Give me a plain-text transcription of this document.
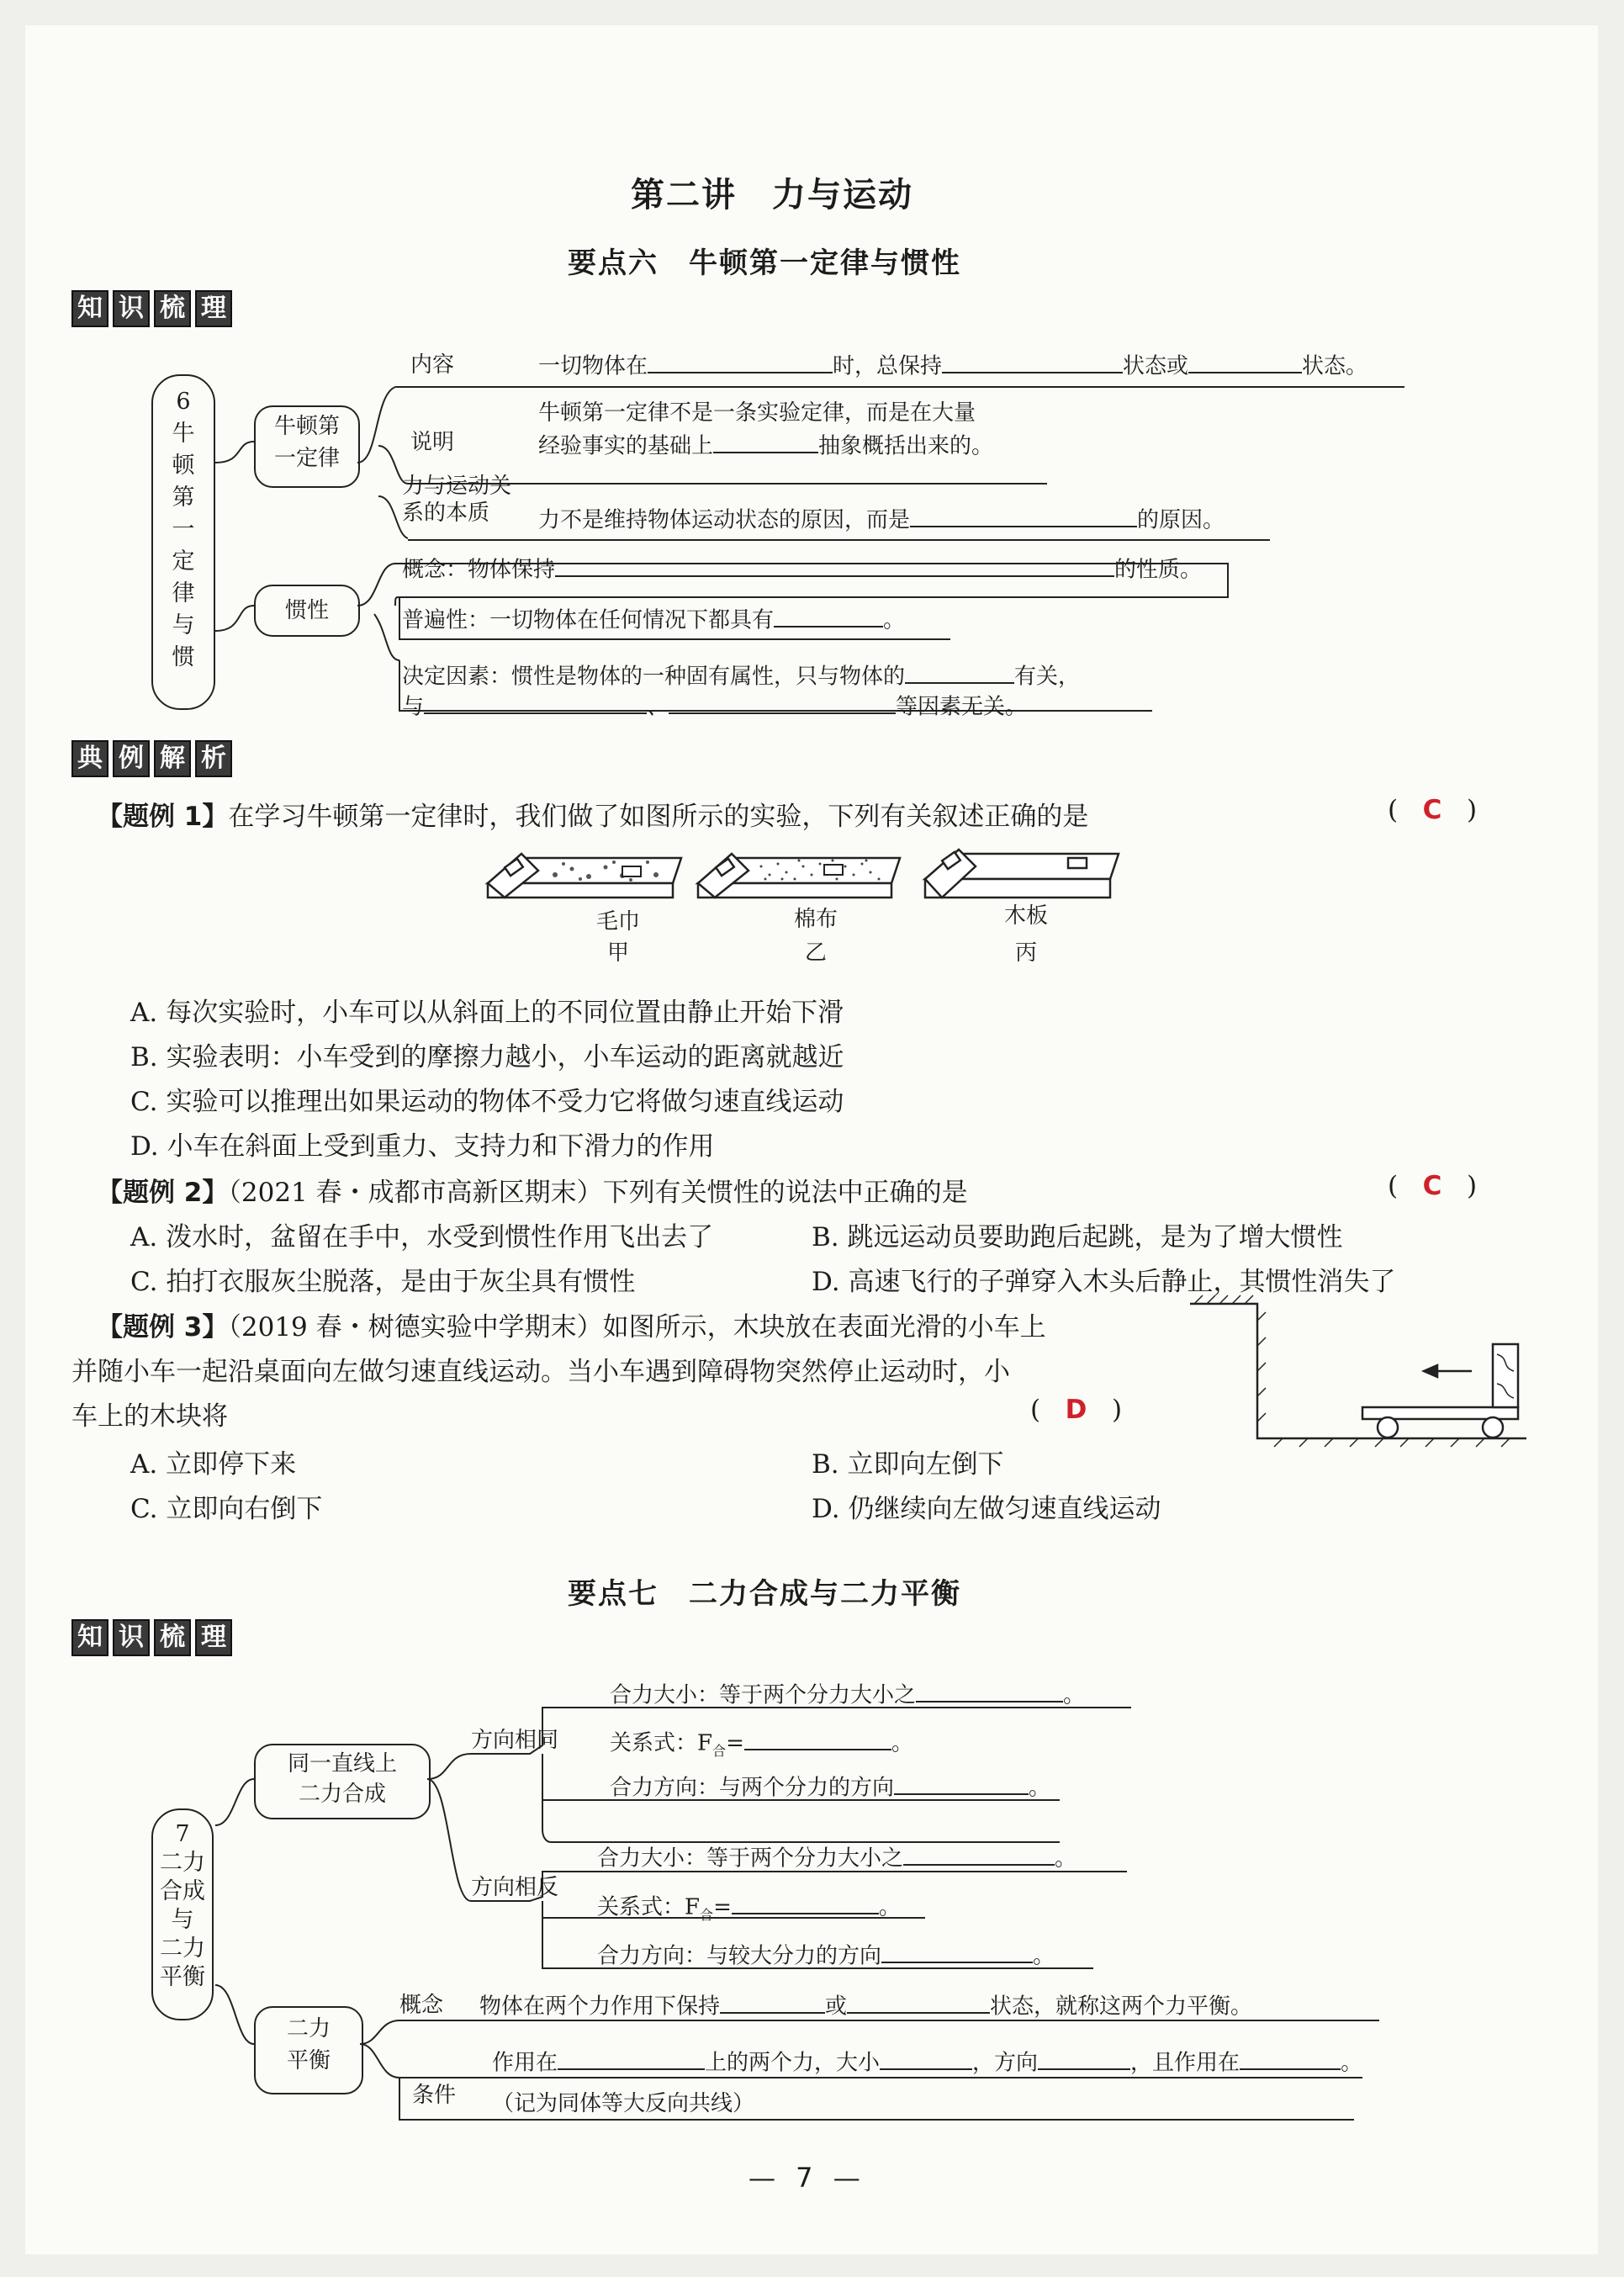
第二讲　力与运动
要点六　牛顿第一定律与惯性
知 识 梳 理
6
牛
顿
第
一
定
律
与
惯
牛顿第
一定律
惯性
内容	一切物体在	时，总保持	状态或	状态。
说明
牛顿第一定律不是一条实验定律，而是在大量
经验事实的基础上	抽象概括出来的。
力与运动关
系的本质	力不是维持物体运动状态的原因，而是	的原因。
概念：物体保持	的性质。
普遍性：一切物体在任何情况下都具有	。
决定因素：惯性是物体的一种固有属性，只与物体的	有关，
与	、	等因素无关。
典 例 解 析
【题例 1】在学习牛顿第一定律时，我们做了如图所示的实验，下列有关叙述正确的是	(   C   )
毛巾
甲
棉布
乙
木板
丙
A. 每次实验时，小车可以从斜面上的不同位置由静止开始下滑
B. 实验表明：小车受到的摩擦力越小，小车运动的距离就越近
C. 实验可以推理出如果运动的物体不受力它将做匀速直线运动
D. 小车在斜面上受到重力、支持力和下滑力的作用
【题例 2】（2021 春・成都市高新区期末）下列有关惯性的说法中正确的是	(   C   )
A. 泼水时，盆留在手中，水受到惯性作用飞出去了	B. 跳远运动员要助跑后起跳，是为了增大惯性
C. 拍打衣服灰尘脱落，是由于灰尘具有惯性	D. 高速飞行的子弹穿入木头后静止，其惯性消失了
【题例 3】（2019 春・树德实验中学期末）如图所示，木块放在表面光滑的小车上
并随小车一起沿桌面向左做匀速直线运动。当小车遇到障碍物突然停止运动时，小
车上的木块将	(   D   )
A. 立即停下来	B. 立即向左倒下
C. 立即向右倒下	D. 仍继续向左做匀速直线运动
要点七　二力合成与二力平衡
知 识 梳 理
7
二力
合成
与
二力
平衡
同一直线上
二力合成
二力
平衡
方向相同
方向相反
合力大小：等于两个分力大小之	。
关系式：$F_合=$	。
合力方向：与两个分力的方向	。
合力大小：等于两个分力大小之	。
关系式：$F_合=$	。
合力方向：与较大分力的方向	。
概念 物体在两个力作用下保持	或	状态，就称这两个力平衡。
条件
作用在	上的两个力，大小	，方向	，且作用在	。
（记为同体等大反向共线）
— 7 —
